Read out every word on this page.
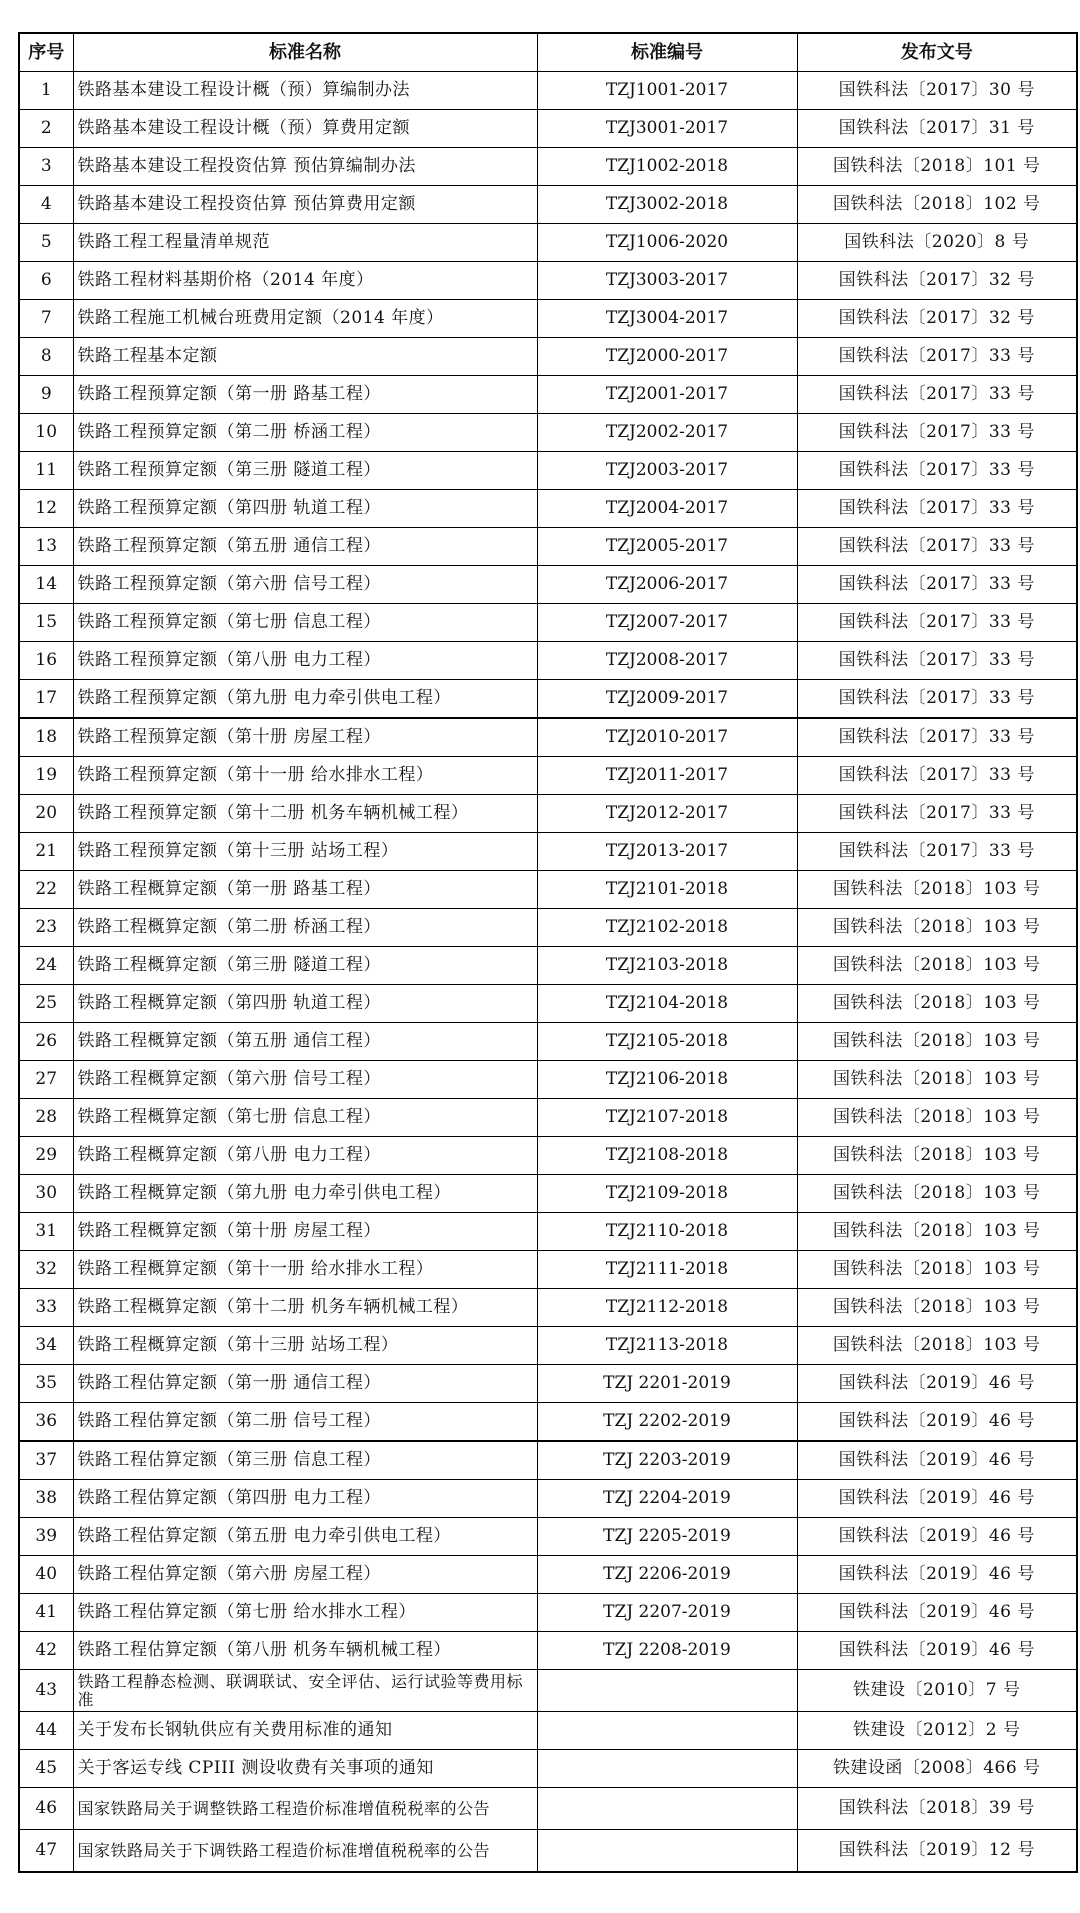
序号	标准名称	标准编号	发布文号
1	铁路基本建设工程设计概（预）算编制办法	TZJ1001-2017	国铁科法〔2017〕30 号
2	铁路基本建设工程设计概（预）算费用定额	TZJ3001-2017	国铁科法〔2017〕31 号
3	铁路基本建设工程投资估算 预估算编制办法	TZJ1002-2018	国铁科法〔2018〕101 号
4	铁路基本建设工程投资估算 预估算费用定额	TZJ3002-2018	国铁科法〔2018〕102 号
5	铁路工程工程量清单规范	TZJ1006-2020	国铁科法〔2020〕8 号
6	铁路工程材料基期价格（2014 年度）	TZJ3003-2017	国铁科法〔2017〕32 号
7	铁路工程施工机械台班费用定额（2014 年度）	TZJ3004-2017	国铁科法〔2017〕32 号
8	铁路工程基本定额	TZJ2000-2017	国铁科法〔2017〕33 号
9	铁路工程预算定额（第一册 路基工程）	TZJ2001-2017	国铁科法〔2017〕33 号
10	铁路工程预算定额（第二册 桥涵工程）	TZJ2002-2017	国铁科法〔2017〕33 号
11	铁路工程预算定额（第三册 隧道工程）	TZJ2003-2017	国铁科法〔2017〕33 号
12	铁路工程预算定额（第四册 轨道工程）	TZJ2004-2017	国铁科法〔2017〕33 号
13	铁路工程预算定额（第五册 通信工程）	TZJ2005-2017	国铁科法〔2017〕33 号
14	铁路工程预算定额（第六册 信号工程）	TZJ2006-2017	国铁科法〔2017〕33 号
15	铁路工程预算定额（第七册 信息工程）	TZJ2007-2017	国铁科法〔2017〕33 号
16	铁路工程预算定额（第八册 电力工程）	TZJ2008-2017	国铁科法〔2017〕33 号
17	铁路工程预算定额（第九册 电力牵引供电工程）	TZJ2009-2017	国铁科法〔2017〕33 号
18	铁路工程预算定额（第十册 房屋工程）	TZJ2010-2017	国铁科法〔2017〕33 号
19	铁路工程预算定额（第十一册 给水排水工程）	TZJ2011-2017	国铁科法〔2017〕33 号
20	铁路工程预算定额（第十二册 机务车辆机械工程）	TZJ2012-2017	国铁科法〔2017〕33 号
21	铁路工程预算定额（第十三册 站场工程）	TZJ2013-2017	国铁科法〔2017〕33 号
22	铁路工程概算定额（第一册 路基工程）	TZJ2101-2018	国铁科法〔2018〕103 号
23	铁路工程概算定额（第二册 桥涵工程）	TZJ2102-2018	国铁科法〔2018〕103 号
24	铁路工程概算定额（第三册 隧道工程）	TZJ2103-2018	国铁科法〔2018〕103 号
25	铁路工程概算定额（第四册 轨道工程）	TZJ2104-2018	国铁科法〔2018〕103 号
26	铁路工程概算定额（第五册 通信工程）	TZJ2105-2018	国铁科法〔2018〕103 号
27	铁路工程概算定额（第六册 信号工程）	TZJ2106-2018	国铁科法〔2018〕103 号
28	铁路工程概算定额（第七册 信息工程）	TZJ2107-2018	国铁科法〔2018〕103 号
29	铁路工程概算定额（第八册 电力工程）	TZJ2108-2018	国铁科法〔2018〕103 号
30	铁路工程概算定额（第九册 电力牵引供电工程）	TZJ2109-2018	国铁科法〔2018〕103 号
31	铁路工程概算定额（第十册 房屋工程）	TZJ2110-2018	国铁科法〔2018〕103 号
32	铁路工程概算定额（第十一册 给水排水工程）	TZJ2111-2018	国铁科法〔2018〕103 号
33	铁路工程概算定额（第十二册 机务车辆机械工程）	TZJ2112-2018	国铁科法〔2018〕103 号
34	铁路工程概算定额（第十三册 站场工程）	TZJ2113-2018	国铁科法〔2018〕103 号
35	铁路工程估算定额（第一册 通信工程）	TZJ 2201-2019	国铁科法〔2019〕46 号
36	铁路工程估算定额（第二册 信号工程）	TZJ 2202-2019	国铁科法〔2019〕46 号
37	铁路工程估算定额（第三册 信息工程）	TZJ 2203-2019	国铁科法〔2019〕46 号
38	铁路工程估算定额（第四册 电力工程）	TZJ 2204-2019	国铁科法〔2019〕46 号
39	铁路工程估算定额（第五册 电力牵引供电工程）	TZJ 2205-2019	国铁科法〔2019〕46 号
40	铁路工程估算定额（第六册 房屋工程）	TZJ 2206-2019	国铁科法〔2019〕46 号
41	铁路工程估算定额（第七册 给水排水工程）	TZJ 2207-2019	国铁科法〔2019〕46 号
42	铁路工程估算定额（第八册 机务车辆机械工程）	TZJ 2208-2019	国铁科法〔2019〕46 号
43	铁路工程静态检测、联调联试、安全评估、运行试验等费用标准		铁建设〔2010〕7 号
44	关于发布长钢轨供应有关费用标准的通知		铁建设〔2012〕2 号
45	关于客运专线 CPIII 测设收费有关事项的通知		铁建设函〔2008〕466 号
46	国家铁路局关于调整铁路工程造价标准增值税税率的公告		国铁科法〔2018〕39 号
47	国家铁路局关于下调铁路工程造价标准增值税税率的公告		国铁科法〔2019〕12 号
